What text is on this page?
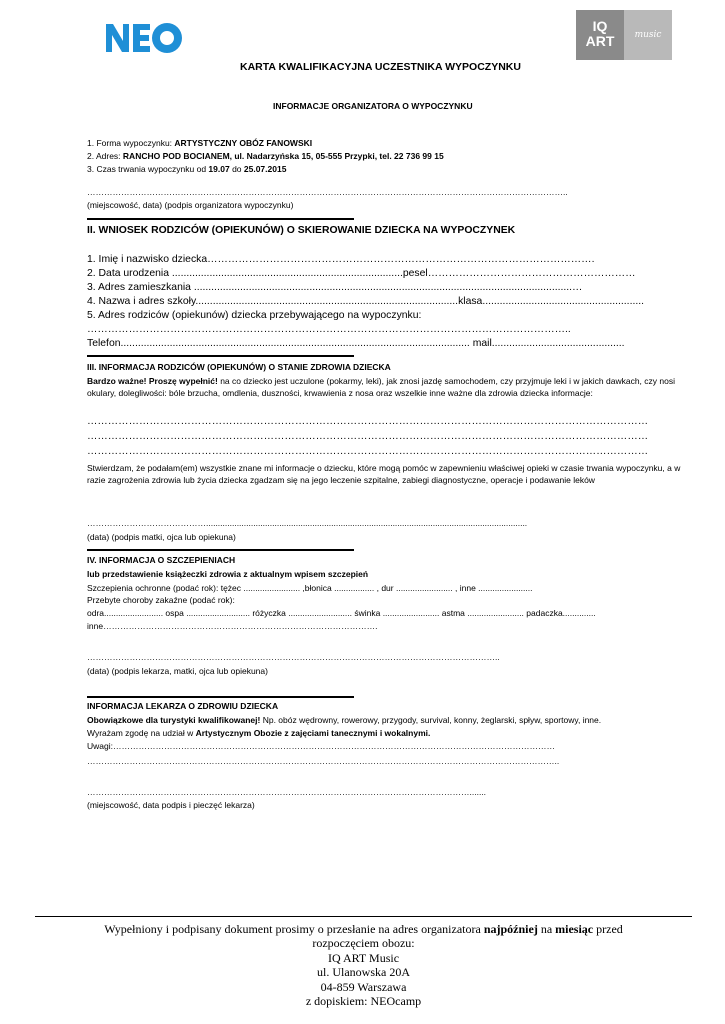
IQ
ART	music
KARTA KWALIFIKACYJNA UCZESTNIKA WYPOCZYNKU
INFORMACJE ORGANIZATORA O WYPOCZYNKU
1. Forma wypoczynku: ARTYSTYCZNY OBÓZ FANOWSKI
2. Adres: RANCHO POD BOCIANEM, ul. Nadarzyńska 15, 05-555 Przypki, tel. 22 736 99 15
3. Czas trwania wypoczynku od 19.07 do 25.07.2015
……………………………………………………………………………………………………………………………………………………..
(miejscowość, data) (podpis organizatora wypoczynku)
II. WNIOSEK RODZICÓW (OPIEKUNÓW) O SKIEROWANIE DZIECKA NA WYPOCZYNEK
1. Imię i nazwisko dziecka………………………………………………………………………………………………….
2. Data urodzenia ................................................................................pesel……………………………………………………
3. Adres zamieszkania ...................................................................................................................................…
4. Nazwa i adres szkoły...........................................................................................klasa........................................................
5. Adres rodziców (opiekunów) dziecka przebywającego na wypoczynku:
…………………………………………………………………………………………………………………………..
Telefon......................................................................................................................... mail..............................................
III. INFORMACJA RODZICÓW (OPIEKUNÓW) O STANIE ZDROWIA DZIECKA
Bardzo ważne! Proszę wypełnić! na co dziecko jest uczulone (pokarmy, leki), jak znosi jazdę samochodem, czy przyjmuje leki i w jakich dawkach, czy nosi okulary, dolegliwości: bóle brzucha, omdlenia, duszności, krwawienia z nosa oraz wszelkie inne ważne dla zdrowia dziecka informacje:
………………………………………………………………………………………………………………………………………………
………………………………………………………………………………………………………………………………………………
………………………………………………………………………………………………………………………………………………
Stwierdzam, że podałam(em) wszystkie znane mi informacje o dziecku, które mogą pomóc w zapewnieniu właściwej opieki w czasie trwania wypoczynku, a w razie zagrożenia zdrowia lub życia dziecka zgadzam się na jego leczenie szpitalne, zabiegi diagnostyczne, operacje i podawanie leków
……………………………………........................................................................................................................................
(data) (podpis matki, ojca lub opiekuna)
IV. INFORMACJA O SZCZEPIENIACH
lub przedstawienie książeczki zdrowia z aktualnym wpisem szczepień
Szczepienia ochronne (podać rok): tężec ........................ ,błonica ................. , dur ........................ , inne .......................
Przebyte choroby zakaźne (podać rok):
odra......................... ospa ........................... różyczka ........................... świnka ........................ astma ........................ padaczka..............
inne…………………………………………………………………………………….
………………………………………………………………………………………………………………………………..
(data) (podpis lekarza, matki, ojca lub opiekuna)
INFORMACJA LEKARZA O ZDROWIU DZIECKA
Obowiązkowe dla turystyki kwalifikowanej! Np. obóz wędrowny, rowerowy, przygody, survival, konny, żeglarski, spływ, sportowy, inne.
Wyrażam zgodę na udział w Artystycznym Obozie z zajęciami tanecznymi i wokalnymi.
Uwagi:…………………………………………………………………………………………………………………………………………
…………………………………………………………………………………………………………………………………………………..
……………………………………………………………………………………………………………………….......
(miejscowość, data podpis i pieczęć lekarza)
Wypełniony i podpisany dokument prosimy o przesłanie na adres organizatora najpóźniej na miesiąc przed
rozpoczęciem obozu:
IQ ART Music
ul. Ulanowska 20A
04-859 Warszawa
z dopiskiem: NEOcamp
